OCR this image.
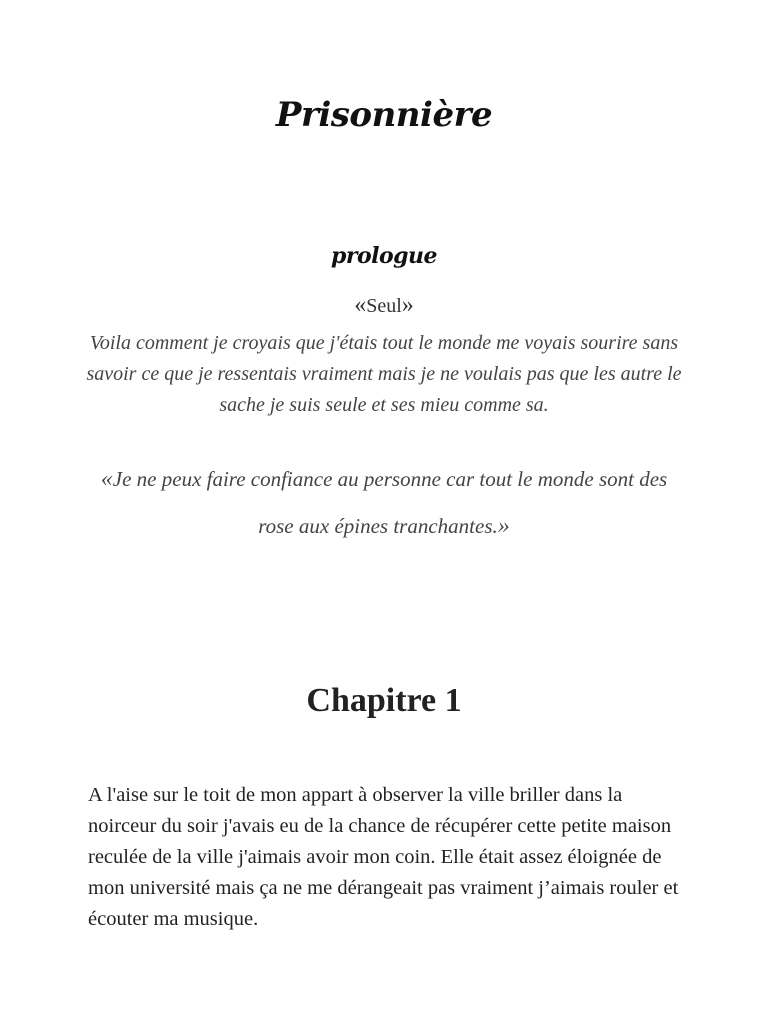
Prisonnière
prologue

«Seul»

Voila comment je croyais que j'étais tout le monde me voyais sourire sans savoir ce que je ressentais vraiment mais je ne voulais pas que les autre le sache je suis seule et ses mieu comme sa.

«Je ne peux faire confiance au personne car tout le monde sont des rose aux épines tranchantes.»

Chapitre 1

A l'aise sur le toit de mon appart à observer la ville briller dans la noirceur du soir j'avais eu de la chance de récupérer cette petite maison reculée de la ville j'aimais avoir mon coin. Elle était assez éloignée de mon université mais ça ne me dérangeait pas vraiment j’aimais rouler et écouter ma musique.
